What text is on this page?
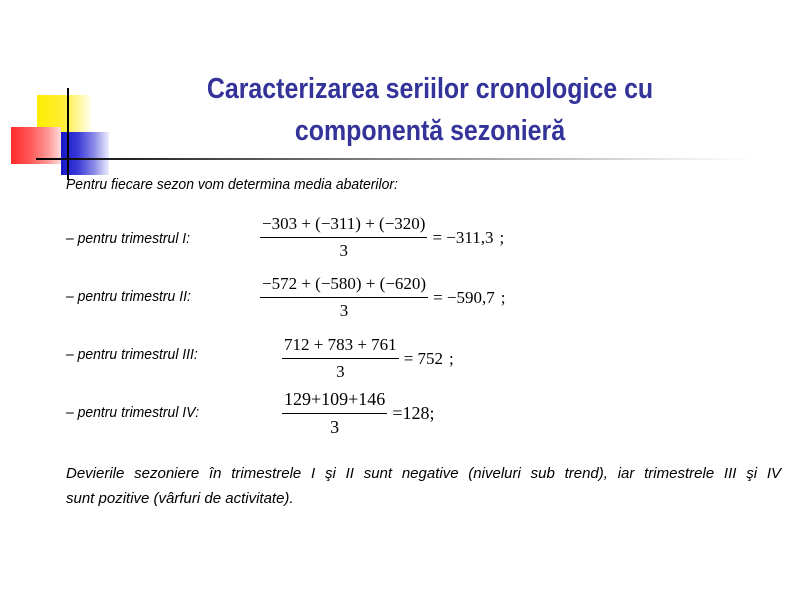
Caracterizarea seriilor cronologice cu
componentă sezonieră
Pentru fiecare sezon vom determina media abaterilor:
– pentru trimestrul I:	$\frac{-303 + (-311) + (-320)}{3} = -311,3$ ;
– pentru trimestru II:	$\frac{-572 + (-580) + (-620)}{3} = -590,7$ ;
– pentru trimestrul III:	$\frac{712 + 783 + 761}{3} = 752$ ;
– pentru trimestrul IV:	$\frac{129+109+146}{3} =128$ ;
Devierile sezoniere în trimestrele I şi II sunt negative (niveluri sub trend), iar trimestrele III şi IV
sunt pozitive (vârfuri de activitate).
